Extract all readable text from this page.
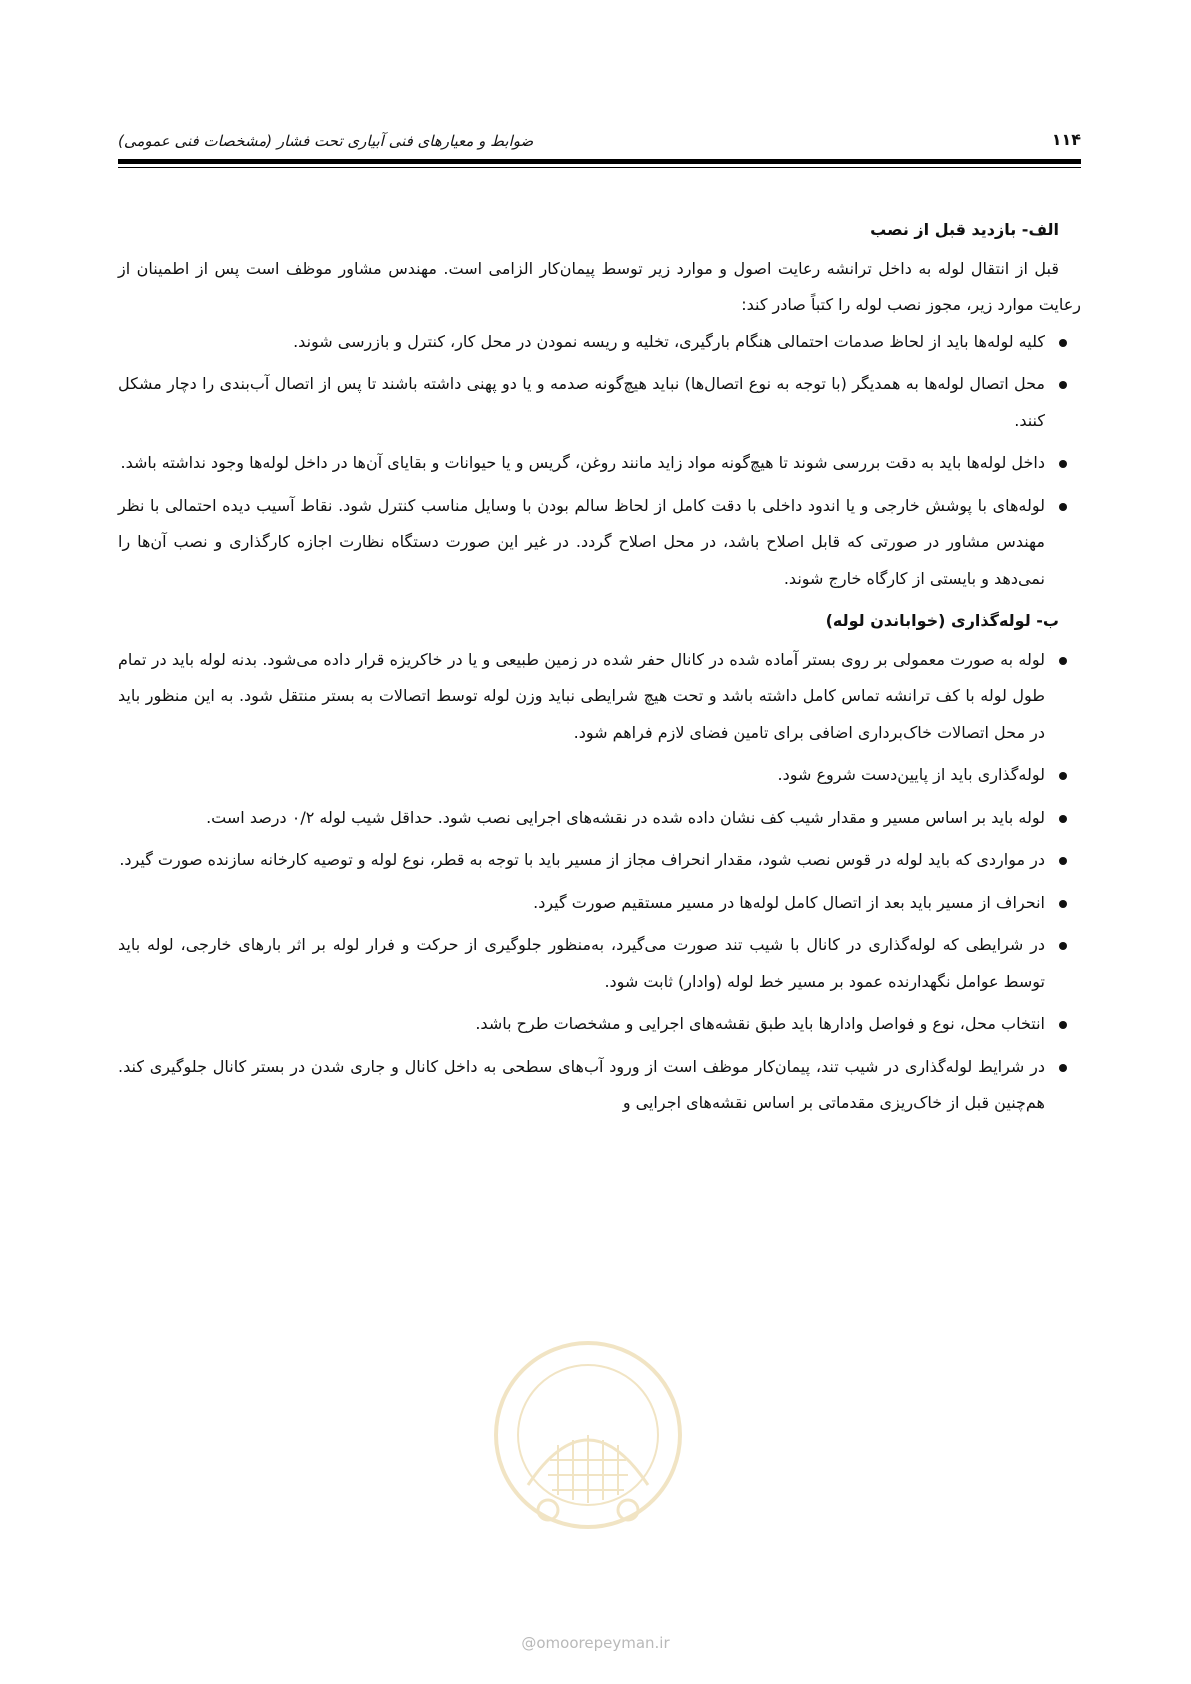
۱۱۴
ضوابط و معیارهای فنی آبیاری تحت فشار (مشخصات فنی عمومی)
الف- بازدید قبل از نصب

قبل از انتقال لوله به داخل ترانشه رعایت اصول و موارد زیر توسط پیمان‌کار الزامی است. مهندس مشاور موظف است پس از اطمینان از رعایت موارد زیر، مجوز نصب لوله را کتباً صادر کند:

کلیه لوله‌ها باید از لحاظ صدمات احتمالی هنگام بارگیری، تخلیه و ریسه نمودن در محل کار، کنترل و بازرسی شوند.
محل اتصال لوله‌ها به همدیگر (با توجه به نوع اتصال‌ها) نباید هیچ‌گونه صدمه و یا دو پهنی داشته باشند تا پس از اتصال آب‌بندی را دچار مشکل کنند.
داخل لوله‌ها باید به دقت بررسی شوند تا هیچ‌گونه مواد زاید مانند روغن، گریس و یا حیوانات و بقایای آن‌ها در داخل لوله‌ها وجود نداشته باشد.
لوله‌های با پوشش خارجی و یا اندود داخلی با دقت کامل از لحاظ سالم بودن با وسایل مناسب کنترل شود. نقاط آسیب دیده احتمالی با نظر مهندس مشاور در صورتی که قابل اصلاح باشد، در محل اصلاح گردد. در غیر این صورت دستگاه نظارت اجازه کارگذاری و نصب آن‌ها را نمی‌دهد و بایستی از کارگاه خارج شوند.
ب- لوله‌گذاری (خواباندن لوله)
لوله به صورت معمولی بر روی بستر آماده شده در کانال حفر شده در زمین طبیعی و یا در خاکریزه قرار داده می‌شود. بدنه لوله باید در تمام طول لوله با کف ترانشه تماس کامل داشته باشد و تحت هیچ شرایطی نباید وزن لوله توسط اتصالات به بستر منتقل شود. به این منظور باید در محل اتصالات خاک‌برداری اضافی برای تامین فضای لازم فراهم شود.
لوله‌گذاری باید از پایین‌دست شروع شود.
لوله باید بر اساس مسیر و مقدار شیب کف نشان داده شده در نقشه‌های اجرایی نصب شود. حداقل شیب لوله ۰/۲ درصد است.
در مواردی که باید لوله در قوس نصب شود، مقدار انحراف مجاز از مسیر باید با توجه به قطر، نوع لوله و توصیه کارخانه سازنده صورت گیرد.
انحراف از مسیر باید بعد از اتصال کامل لوله‌ها در مسیر مستقیم صورت گیرد.
در شرایطی که لوله‌گذاری در کانال با شیب تند صورت می‌گیرد، به‌منظور جلوگیری از حرکت و فرار لوله بر اثر بارهای خارجی، لوله باید توسط عوامل نگهدارنده عمود بر مسیر خط لوله (وادار) ثابت شود.
انتخاب محل، نوع و فواصل وادارها باید طبق نقشه‌های اجرایی و مشخصات طرح باشد.
در شرایط لوله‌گذاری در شیب تند، پیمان‌کار موظف است از ورود آب‌های سطحی به داخل کانال و جاری شدن در بستر کانال جلوگیری کند. هم‌چنین قبل از خاک‌ریزی مقدماتی بر اساس نقشه‌های اجرایی و
@omoorepeyman.ir
